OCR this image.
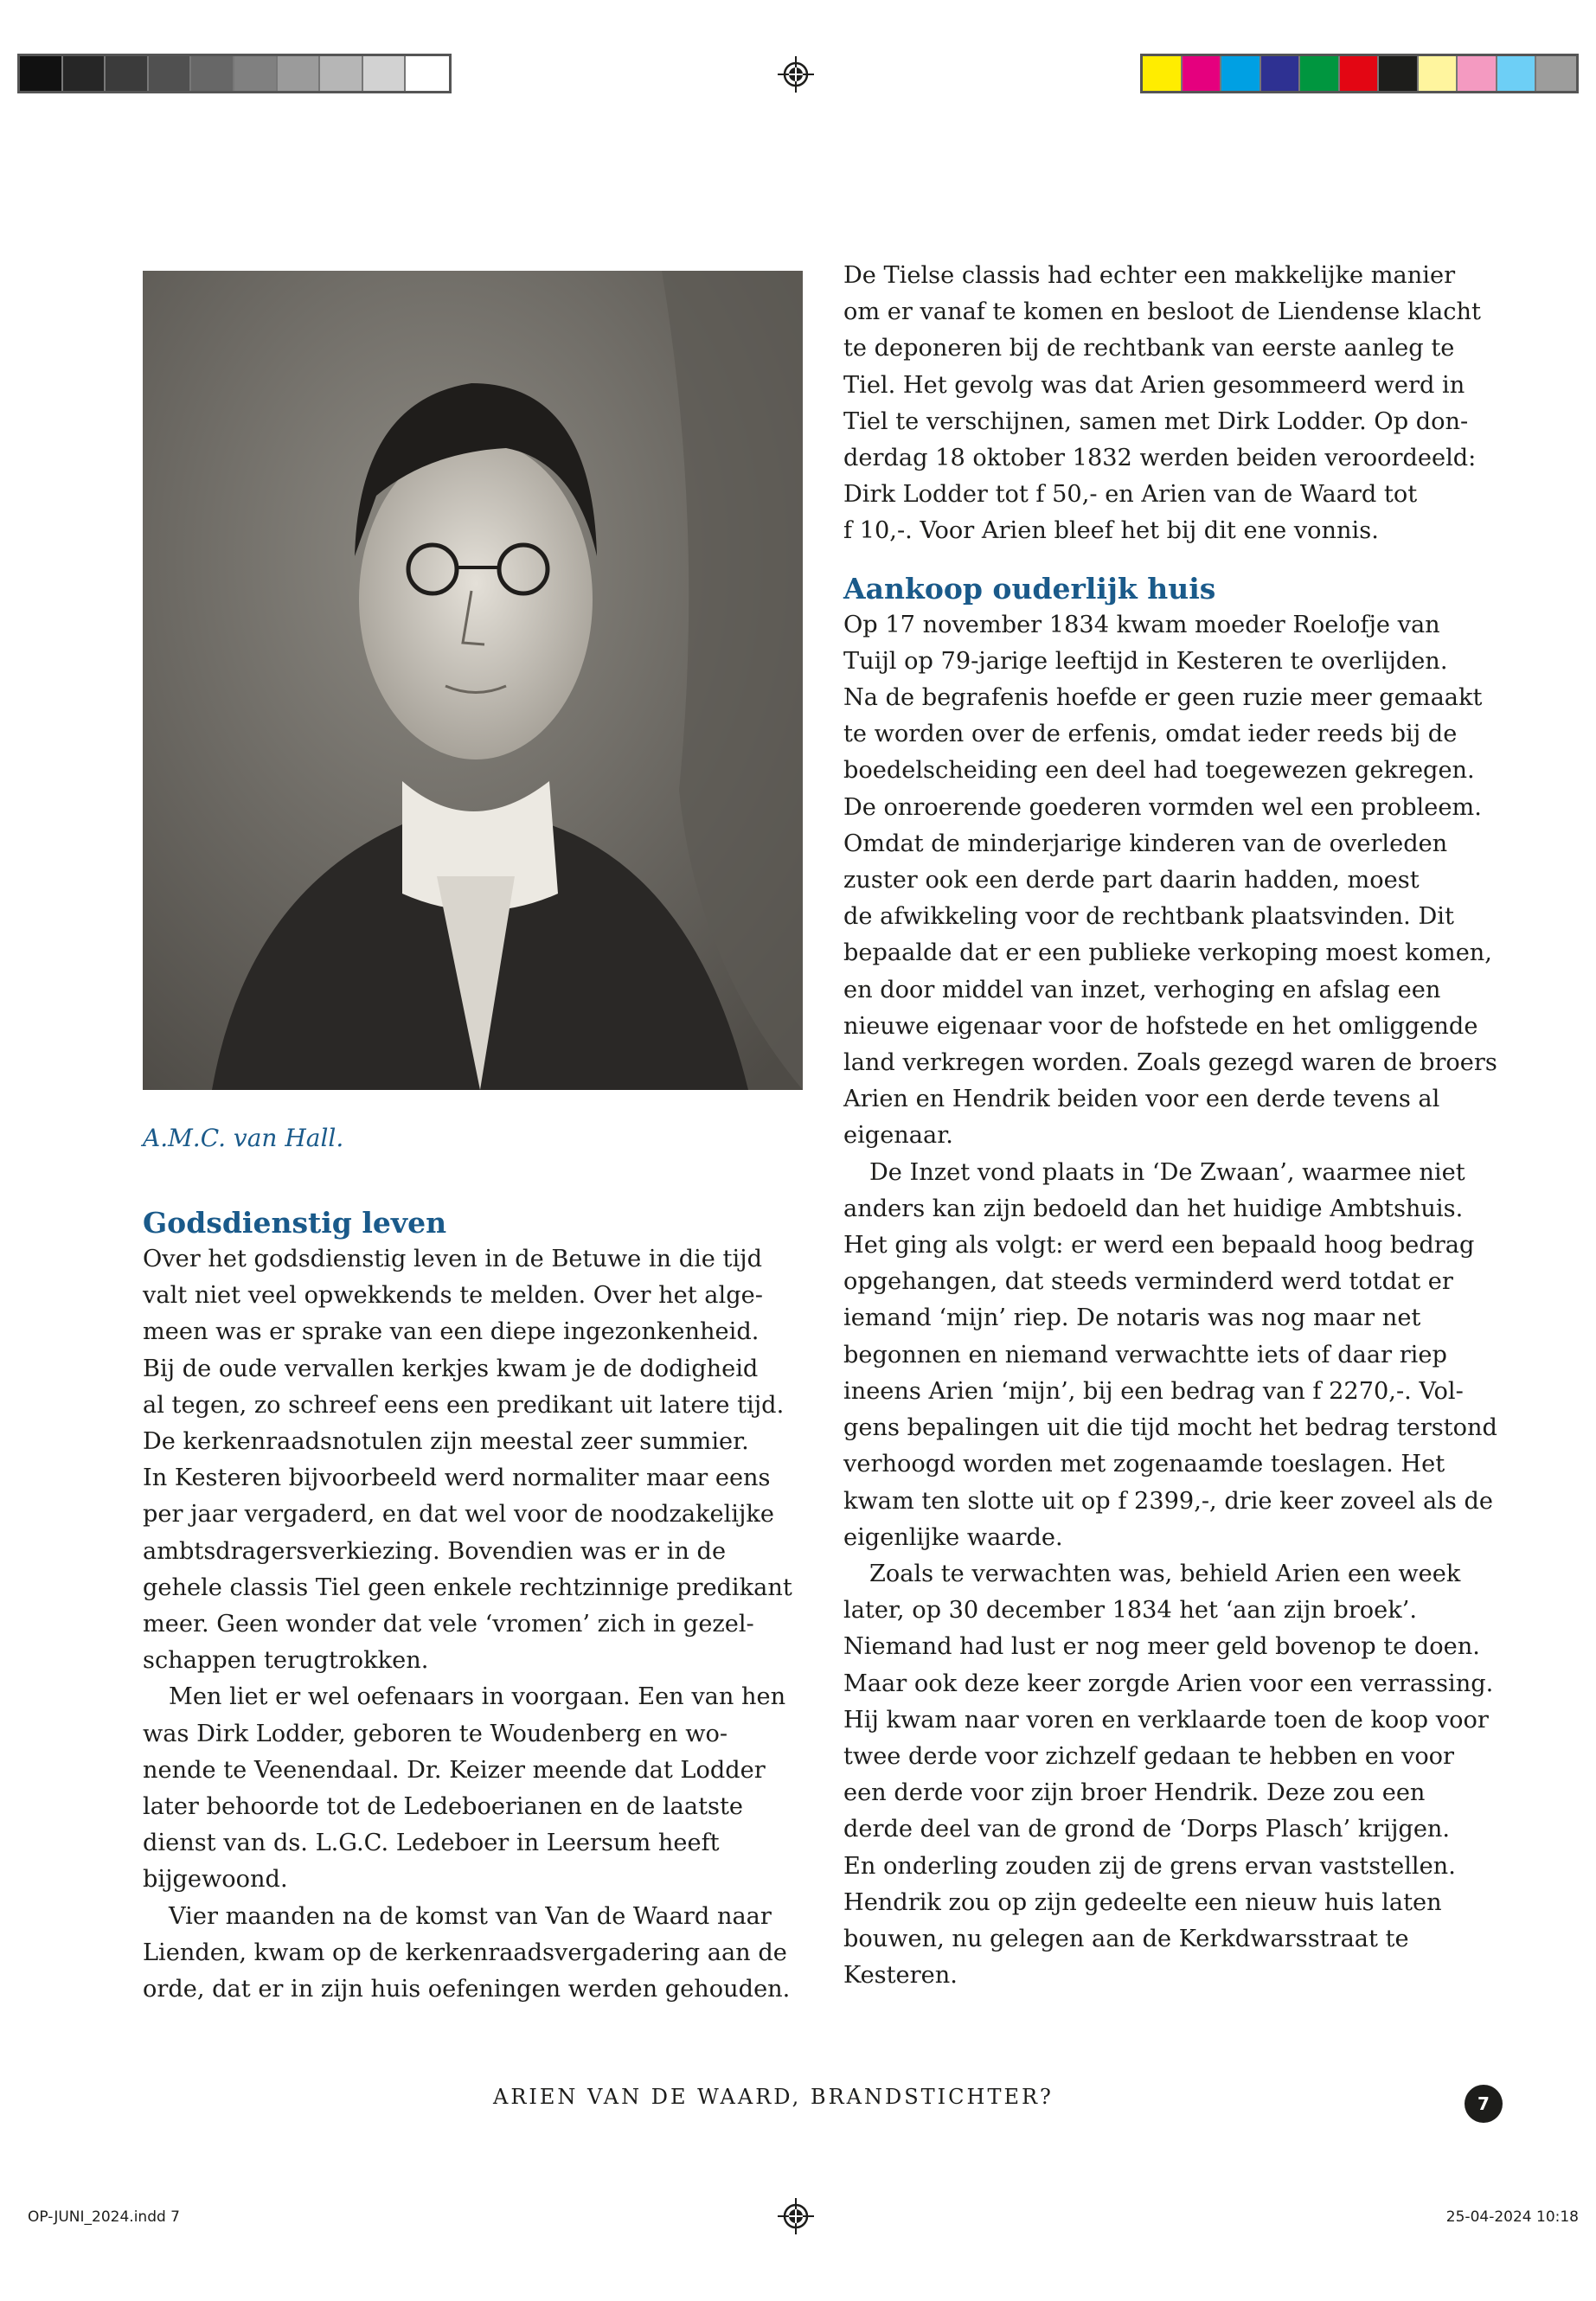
A.M.C. van Hall.
Godsdienstig leven

Over het godsdienstig leven in de Betuwe in die tijd

valt niet veel opwekkends te melden. Over het alge-

meen was er sprake van een diepe ingezonkenheid.

Bij de oude vervallen kerkjes kwam je de dodigheid

al tegen, zo schreef eens een predikant uit latere tijd.

De kerkenraadsnotulen zijn meestal zeer summier.

In Kesteren bijvoorbeeld werd normaliter maar eens

per jaar vergaderd, en dat wel voor de noodzakelijke

ambtsdragersverkiezing. Bovendien was er in de

gehele classis Tiel geen enkele rechtzinnige predikant

meer. Geen wonder dat vele ‘vromen’ zich in gezel-

schappen terugtrokken.

Men liet er wel oefenaars in voorgaan. Een van hen

was Dirk Lodder, geboren te Woudenberg en wo-

nende te Veenendaal. Dr. Keizer meende dat Lodder

later behoorde tot de Ledeboerianen en de laatste

dienst van ds. L.G.C. Ledeboer in Leersum heeft

bijgewoond.

Vier maanden na de komst van Van de Waard naar

Lienden, kwam op de kerkenraadsvergadering aan de

orde, dat er in zijn huis oefeningen werden gehouden.

De Tielse classis had echter een makkelijke manier

om er vanaf te komen en besloot de Liendense klacht

te deponeren bij de rechtbank van eerste aanleg te

Tiel. Het gevolg was dat Arien gesommeerd werd in

Tiel te verschijnen, samen met Dirk Lodder. Op don-

derdag 18 oktober 1832 werden beiden veroordeeld:

Dirk Lodder tot f 50,- en Arien van de Waard tot

f 10,-. Voor Arien bleef het bij dit ene vonnis.

Aankoop ouderlijk huis

Op 17 november 1834 kwam moeder Roelofje van

Tuijl op 79-jarige leeftijd in Kesteren te overlijden.

Na de begrafenis hoefde er geen ruzie meer gemaakt

te worden over de erfenis, omdat ieder reeds bij de

boedelscheiding een deel had toegewezen gekregen.

De onroerende goederen vormden wel een probleem.

Omdat de minderjarige kinderen van de overleden

zuster ook een derde part daarin hadden, moest

de afwikkeling voor de rechtbank plaatsvinden. Dit

bepaalde dat er een publieke verkoping moest komen,

en door middel van inzet, verhoging en afslag een

nieuwe eigenaar voor de hofstede en het omliggende

land verkregen worden. Zoals gezegd waren de broers

Arien en Hendrik beiden voor een derde tevens al

eigenaar.

De Inzet vond plaats in ‘De Zwaan’, waarmee niet

anders kan zijn bedoeld dan het huidige Ambtshuis.

Het ging als volgt: er werd een bepaald hoog bedrag

opgehangen, dat steeds verminderd werd totdat er

iemand ‘mijn’ riep. De notaris was nog maar net

begonnen en niemand verwachtte iets of daar riep

ineens Arien ‘mijn’, bij een bedrag van f 2270,-. Vol-

gens bepalingen uit die tijd mocht het bedrag terstond

verhoogd worden met zogenaamde toeslagen. Het

kwam ten slotte uit op f 2399,-, drie keer zoveel als de

eigenlijke waarde.

Zoals te verwachten was, behield Arien een week

later, op 30 december 1834 het ‘aan zijn broek’.

Niemand had lust er nog meer geld bovenop te doen.

Maar ook deze keer zorgde Arien voor een verrassing.

Hij kwam naar voren en verklaarde toen de koop voor

twee derde voor zichzelf gedaan te hebben en voor

een derde voor zijn broer Hendrik. Deze zou een

derde deel van de grond de ‘Dorps Plasch’ krijgen.

En onderling zouden zij de grens ervan vaststellen.

Hendrik zou op zijn gedeelte een nieuw huis laten

bouwen, nu gelegen aan de Kerkdwarsstraat te

Kesteren.

ARIEN VAN DE WAARD, BRANDSTICHTER?	7
OP-JUNI_2024.indd 7	25-04-2024 10:18
